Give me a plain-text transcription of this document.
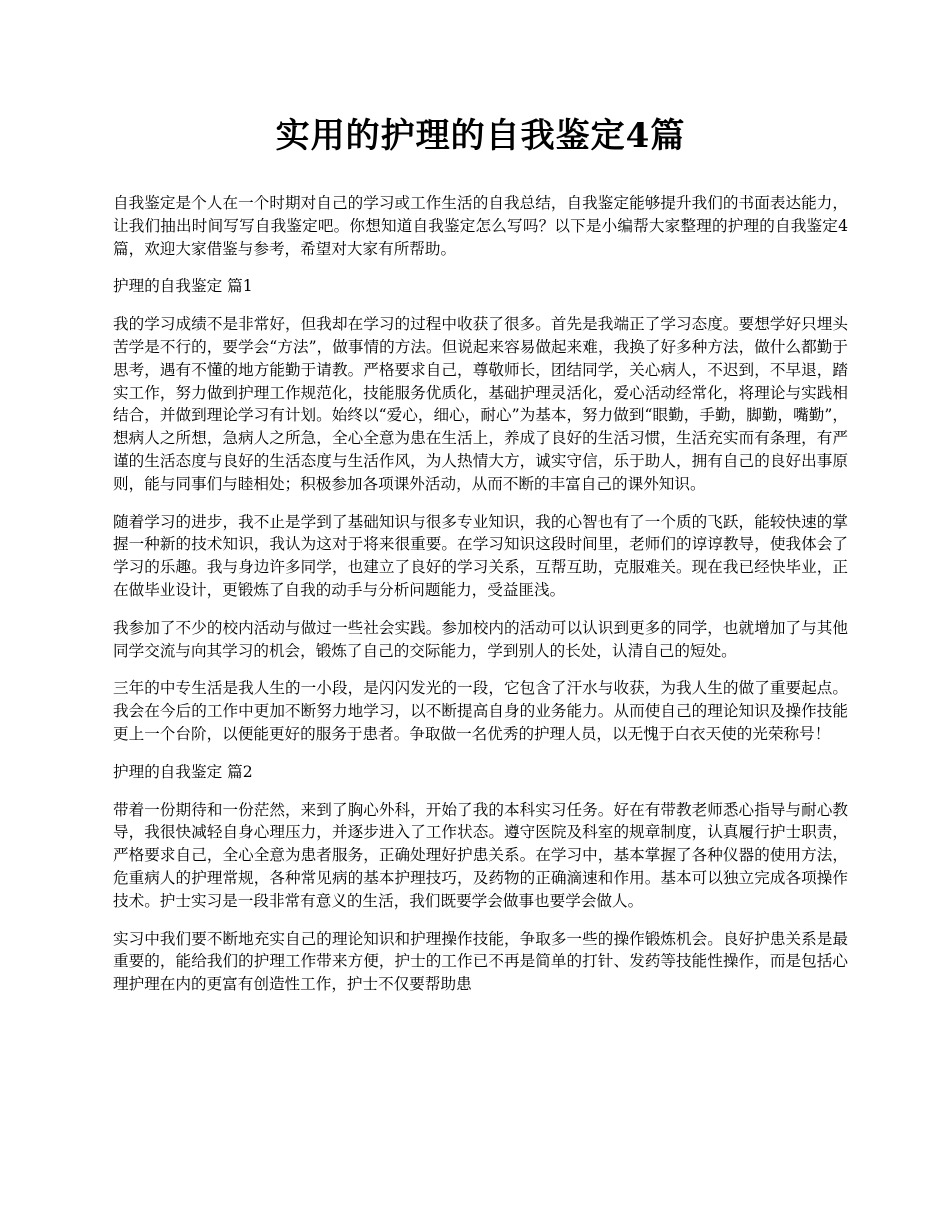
实用的护理的自我鉴定4篇

自我鉴定是个人在一个时期对自己的学习或工作生活的自我总结，自我鉴定能够提升我们的书面表达能力，让我们抽出时间写写自我鉴定吧。你想知道自我鉴定怎么写吗？以下是小编帮大家整理的护理的自我鉴定4篇，欢迎大家借鉴与参考，希望对大家有所帮助。

护理的自我鉴定 篇1

我的学习成绩不是非常好，但我却在学习的过程中收获了很多。首先是我端正了学习态度。要想学好只埋头苦学是不行的，要学会“方法”，做事情的方法。但说起来容易做起来难，我换了好多种方法，做什么都勤于思考，遇有不懂的地方能勤于请教。严格要求自己，尊敬师长，团结同学，关心病人，不迟到，不早退，踏实工作，努力做到护理工作规范化，技能服务优质化，基础护理灵活化，爱心活动经常化，将理论与实践相结合，并做到理论学习有计划。始终以“爱心，细心，耐心”为基本，努力做到“眼勤，手勤，脚勤，嘴勤”，想病人之所想，急病人之所急，全心全意为患在生活上，养成了良好的生活习惯，生活充实而有条理，有严谨的生活态度与良好的生活态度与生活作风，为人热情大方，诚实守信，乐于助人，拥有自己的良好出事原则，能与同事们与睦相处；积极参加各项课外活动，从而不断的丰富自己的课外知识。

随着学习的进步，我不止是学到了基础知识与很多专业知识，我的心智也有了一个质的飞跃，能较快速的掌握一种新的技术知识，我认为这对于将来很重要。在学习知识这段时间里，老师们的谆谆教导，使我体会了学习的乐趣。我与身边许多同学，也建立了良好的学习关系，互帮互助，克服难关。现在我已经快毕业，正在做毕业设计，更锻炼了自我的动手与分析问题能力，受益匪浅。

我参加了不少的校内活动与做过一些社会实践。参加校内的活动可以认识到更多的同学，也就增加了与其他同学交流与向其学习的机会，锻炼了自己的交际能力，学到别人的长处，认清自己的短处。

三年的中专生活是我人生的一小段，是闪闪发光的一段，它包含了汗水与收获，为我人生的做了重要起点。我会在今后的工作中更加不断努力地学习，以不断提高自身的业务能力。从而使自己的理论知识及操作技能更上一个台阶，以便能更好的服务于患者。争取做一名优秀的护理人员，以无愧于白衣天使的光荣称号！

护理的自我鉴定 篇2

带着一份期待和一份茫然，来到了胸心外科，开始了我的本科实习任务。好在有带教老师悉心指导与耐心教导，我很快减轻自身心理压力，并逐步进入了工作状态。遵守医院及科室的规章制度，认真履行护士职责，严格要求自己，全心全意为患者服务，正确处理好护患关系。在学习中，基本掌握了各种仪器的使用方法，危重病人的护理常规，各种常见病的基本护理技巧，及药物的正确滴速和作用。基本可以独立完成各项操作技术。护士实习是一段非常有意义的生活，我们既要学会做事也要学会做人。

实习中我们要不断地充实自己的理论知识和护理操作技能，争取多一些的操作锻炼机会。良好护患关系是最重要的，能给我们的护理工作带来方便，护士的工作已不再是简单的打针、发药等技能性操作，而是包括心理护理在内的更富有创造性工作，护士不仅要帮助患
